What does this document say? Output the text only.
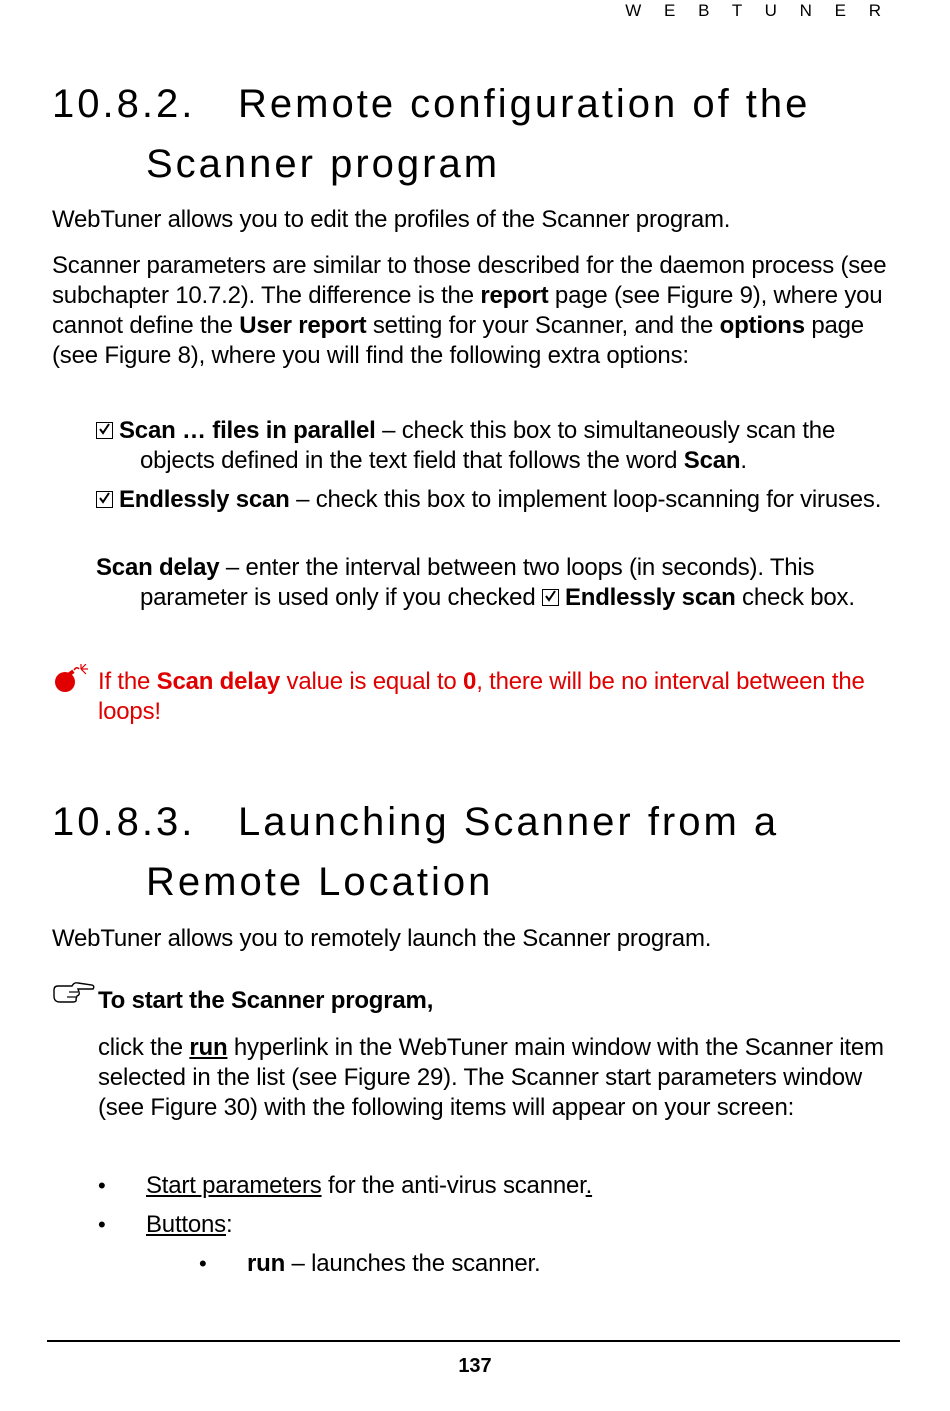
W E B T U N E R
10.8.2. Remote configuration of the
Scanner program
WebTuner allows you to edit the profiles of the Scanner program.
Scanner parameters are similar to those described for the daemon process (see subchapter 10.7.2). The difference is the report page (see Figure 9), where you cannot define the User report setting for your Scanner, and the options page (see Figure 8), where you will find the following extra options:
Scan … files in parallel – check this box to simultaneously scan the objects defined in the text field that follows the word Scan.
Endlessly scan – check this box to implement loop-scanning for viruses.
Scan delay – enter the interval between two loops (in seconds). This parameter is used only if you checked
Endlessly scan check box.
If the Scan delay value is equal to 0, there will be no interval between the loops!
10.8.3. Launching Scanner from a
Remote Location
WebTuner allows you to remotely launch the Scanner program.
To start the Scanner program,
click the run hyperlink in the WebTuner main window with the Scanner item selected in the list (see Figure 29). The Scanner start parameters window (see Figure 30) with the following items will appear on your screen:
• Start parameters for the anti-virus scanner.
• Buttons:
• run – launches the scanner.
137
